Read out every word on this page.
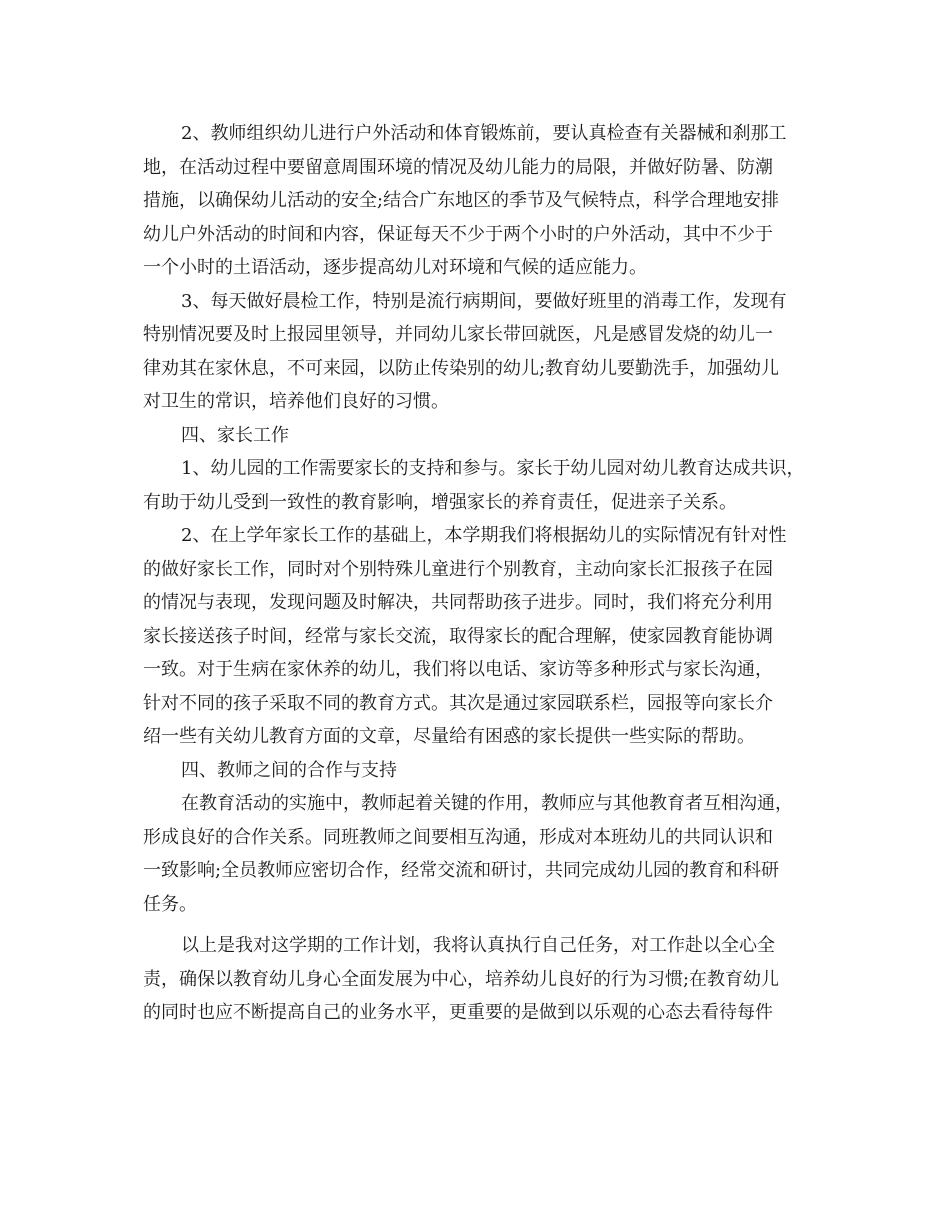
2、教师组织幼儿进行户外活动和体育锻炼前，要认真检查有关器械和刹那工
地，在活动过程中要留意周围环境的情况及幼儿能力的局限，并做好防暑、防潮
措施，以确保幼儿活动的安全;结合广东地区的季节及气候特点，科学合理地安排
幼儿户外活动的时间和内容，保证每天不少于两个小时的户外活动，其中不少于
一个小时的土语活动，逐步提高幼儿对环境和气候的适应能力。
3、每天做好晨检工作，特别是流行病期间，要做好班里的消毒工作，发现有
特别情况要及时上报园里领导，并同幼儿家长带回就医，凡是感冒发烧的幼儿一
律劝其在家休息，不可来园，以防止传染别的幼儿;教育幼儿要勤洗手，加强幼儿
对卫生的常识，培养他们良好的习惯。
四、家长工作
1、幼儿园的工作需要家长的支持和参与。家长于幼儿园对幼儿教育达成共识，
有助于幼儿受到一致性的教育影响，增强家长的养育责任，促进亲子关系。
2、在上学年家长工作的基础上，本学期我们将根据幼儿的实际情况有针对性
的做好家长工作，同时对个别特殊儿童进行个别教育，主动向家长汇报孩子在园
的情况与表现，发现问题及时解决，共同帮助孩子进步。同时，我们将充分利用
家长接送孩子时间，经常与家长交流，取得家长的配合理解，使家园教育能协调
一致。对于生病在家休养的幼儿，我们将以电话、家访等多种形式与家长沟通，
针对不同的孩子采取不同的教育方式。其次是通过家园联系栏，园报等向家长介
绍一些有关幼儿教育方面的文章，尽量给有困惑的家长提供一些实际的帮助。
四、教师之间的合作与支持
在教育活动的实施中，教师起着关键的作用，教师应与其他教育者互相沟通，
形成良好的合作关系。同班教师之间要相互沟通，形成对本班幼儿的共同认识和
一致影响;全员教师应密切合作，经常交流和研讨，共同完成幼儿园的教育和科研
任务。
以上是我对这学期的工作计划，我将认真执行自己任务，对工作赴以全心全
责，确保以教育幼儿身心全面发展为中心，培养幼儿良好的行为习惯;在教育幼儿
的同时也应不断提高自己的业务水平，更重要的是做到以乐观的心态去看待每件
